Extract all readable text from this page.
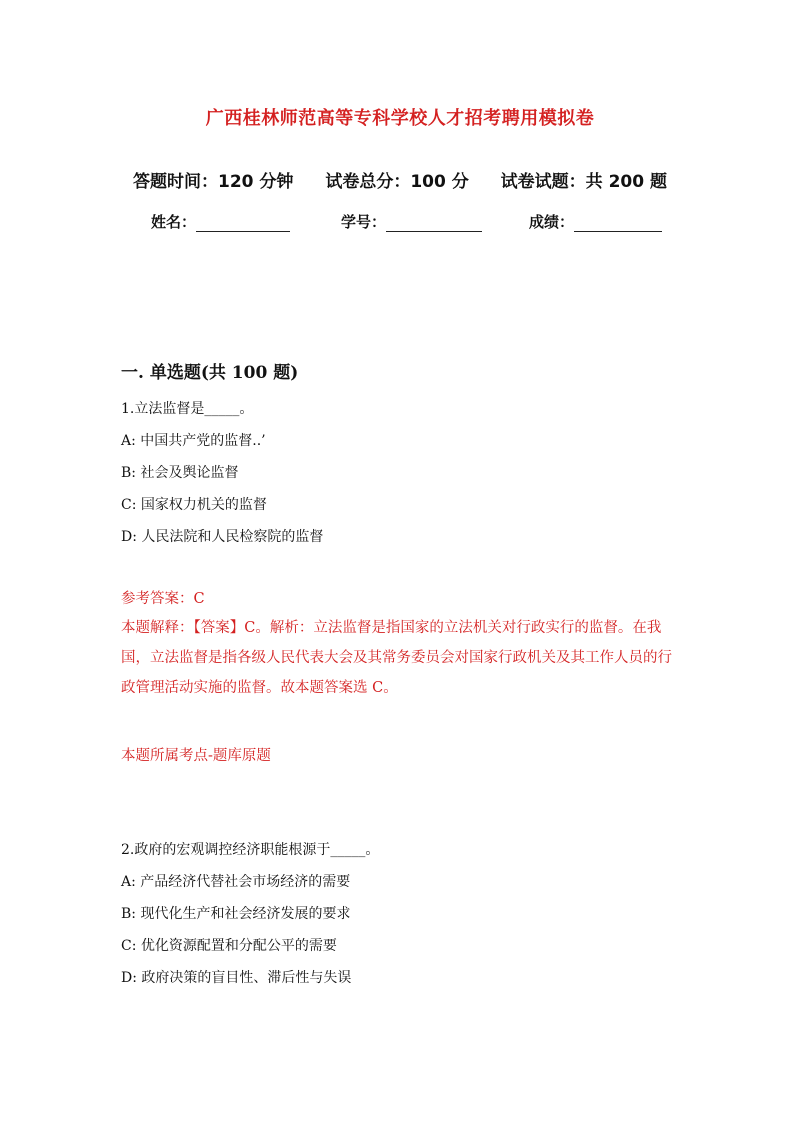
广西桂林师范高等专科学校人才招考聘用模拟卷
答题时间：120 分钟 试卷总分：100 分 试卷试题：共 200 题
姓名：	学号：	成绩：
一. 单选题(共 100 题)
1.立法监督是_____。
A: 中国共产党的监督..’
B: 社会及舆论监督
C: 国家权力机关的监督
D: 人民法院和人民检察院的监督
参考答案：C
本题解释：【答案】C。解析：立法监督是指国家的立法机关对行政实行的监督。在我国，立法监督是指各级人民代表大会及其常务委员会对国家行政机关及其工作人员的行政管理活动实施的监督。故本题答案选 C。
本题所属考点-题库原题
2.政府的宏观调控经济职能根源于_____。
A: 产品经济代替社会市场经济的需要
B: 现代化生产和社会经济发展的要求
C: 优化资源配置和分配公平的需要
D: 政府决策的盲目性、滞后性与失误
